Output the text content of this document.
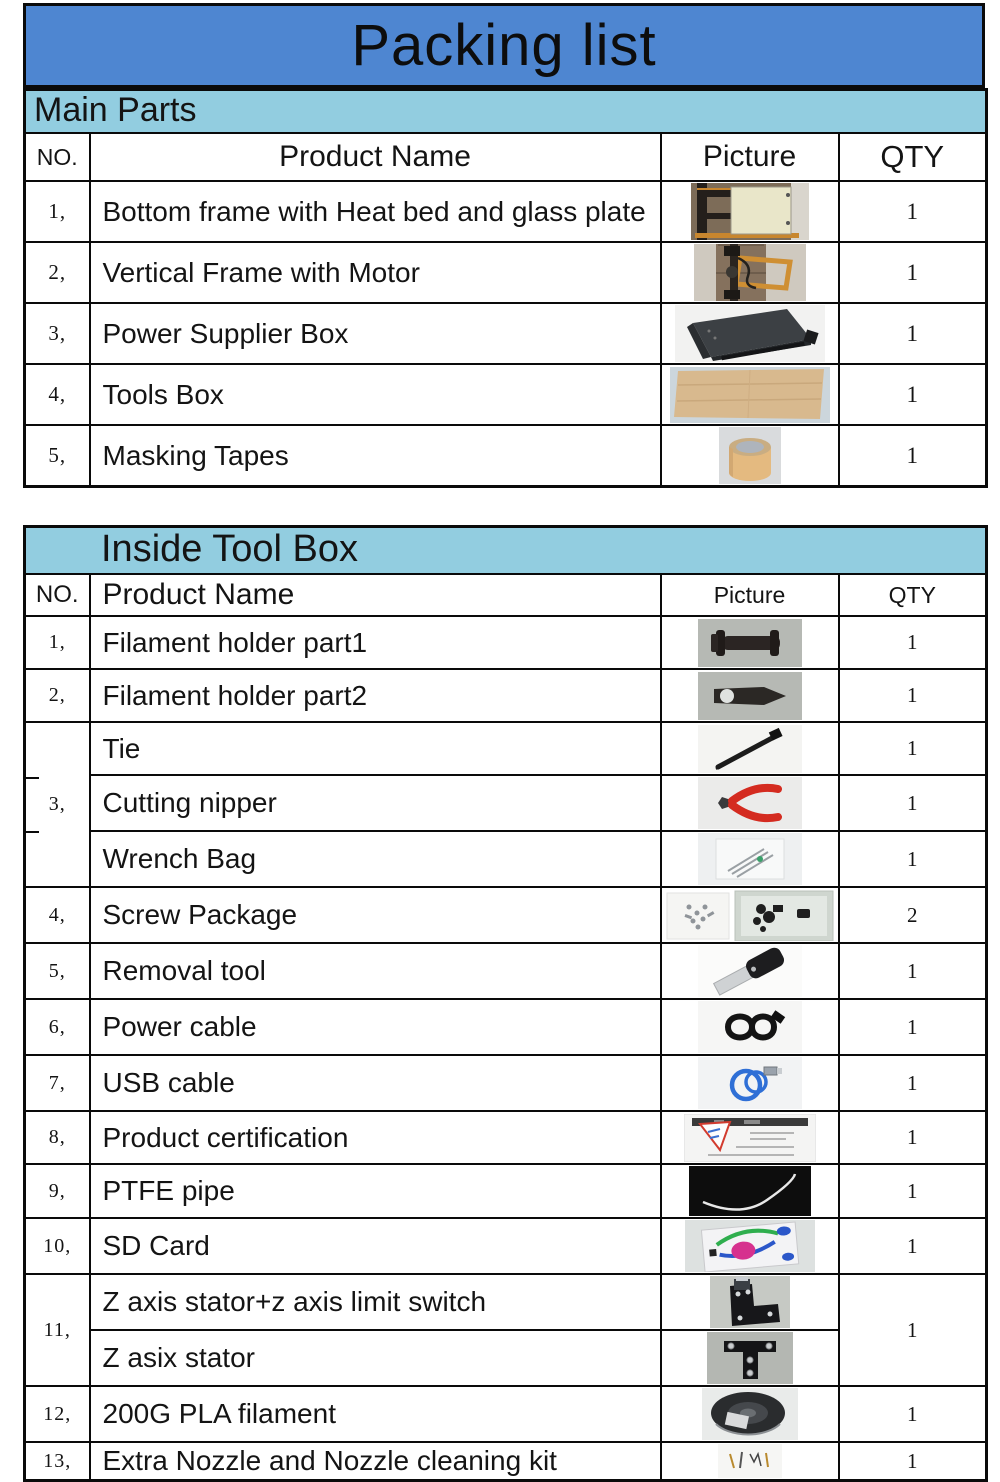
Packing list
Main Parts			
NO.	Product Name	Picture	QTY
1,	Bottom frame with Heat bed and glass plate		1
2,	Vertical Frame with Motor		1
3,	Power Supplier Box		1
4,	Tools Box		1
5,	Masking Tapes		1
Inside Tool Box			
NO.	Product Name	Picture	QTY
1,	Filament holder part1		1
2,	Filament holder part2		1
3,	Tie		1
	Cutting nipper		1
	Wrench Bag		1
4,	Screw Package		2
5,	Removal tool		1
6,	Power cable		1
7,	USB cable		1
8,	Product certification		1
9,	PTFE pipe		1
10,	SD Card		1
11,	Z axis stator+z axis limit switch		1
	Z asix stator	
12,	200G PLA filament		1
13,	Extra Nozzle and Nozzle cleaning kit		1
